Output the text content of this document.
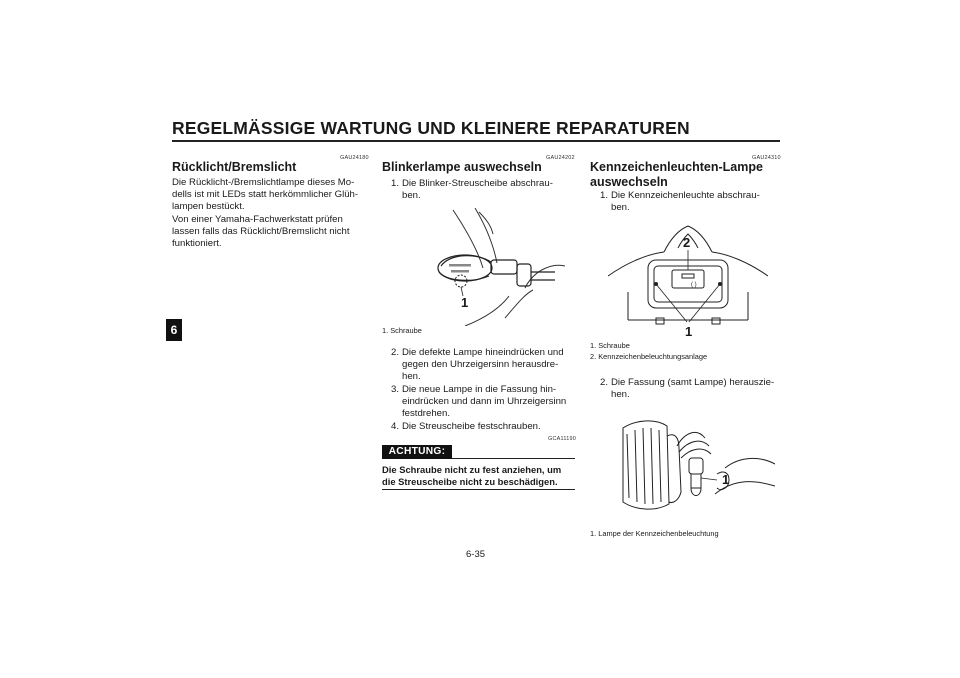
REGELMÄSSIGE WARTUNG UND KLEINERE REPARATUREN
6
GAU24180
Rücklicht/Bremslicht

Die Rücklicht-/Bremslichtlampe dieses Mo-

dells ist mit LEDs statt herkömmlicher Glüh-

lampen bestückt.

Von einer Yamaha-Fachwerkstatt prüfen

lassen falls das Rücklicht/Bremslicht nicht

funktioniert.

GAU24202
Blinkerlampe auswechseln
1. Die Blinker-Streuscheibe abschrau-
ben.
1
1. Schraube
2. Die defekte Lampe hineindrücken und
gegen den Uhrzeigersinn herausdre-
hen.
3. Die neue Lampe in die Fassung hin-
eindrücken und dann im Uhrzeigersinn
festdrehen.
4. Die Streuscheibe festschrauben.
GCA11190
ACHTUNG:
Die Schraube nicht zu fest anziehen, um
die Streuscheibe nicht zu beschädigen.
GAU24310
Kennzeichenleuchten-Lampe
auswechseln
1. Die Kennzeichenleuchte abschrau-
ben.
( )
2
1
1. Schraube
2. Kennzeichenbeleuchtungsanlage
2. Die Fassung (samt Lampe) herauszie-
hen.
1
1. Lampe der Kennzeichenbeleuchtung
6-35
